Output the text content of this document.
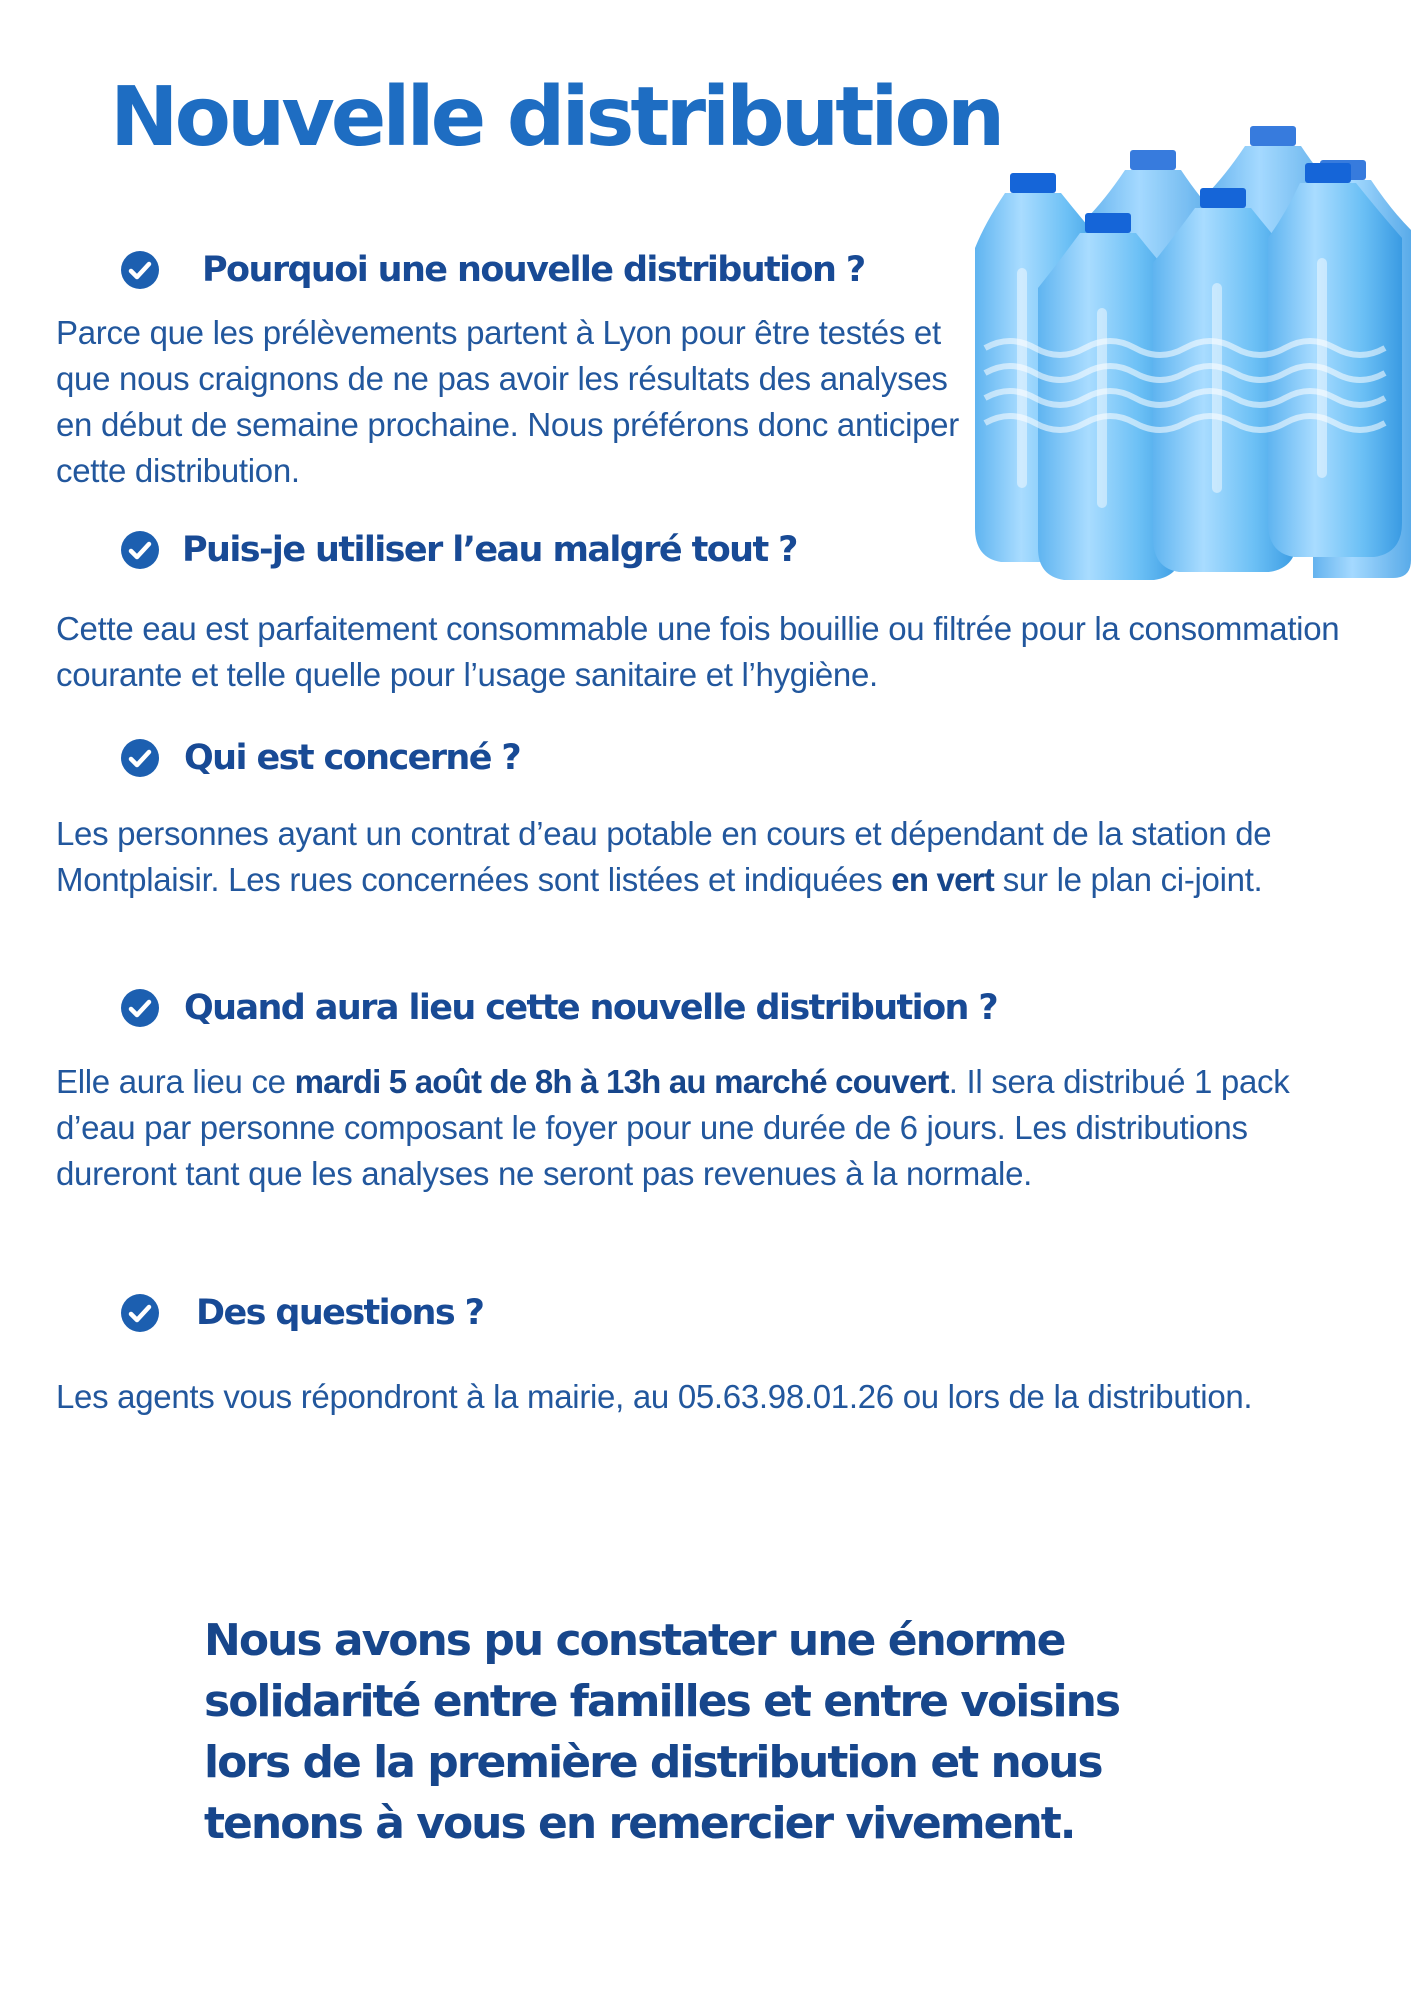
Nouvelle distribution
Pourquoi une nouvelle distribution ?

Parce que les prélèvements partent à Lyon pour être testés et que nous craignons de ne pas avoir les résultats des analyses en début de semaine prochaine. Nous préférons donc anticiper cette distribution.

Puis-je utiliser l’eau malgré tout ?

Cette eau est parfaitement consommable une fois bouillie ou filtrée pour la consommation courante et telle quelle pour l’usage sanitaire et l’hygiène.

Qui est concerné ?

Les personnes ayant un contrat d’eau potable en cours et dépendant de la station de Montplaisir. Les rues concernées sont listées et indiquées en vert sur le plan ci-joint.

Quand aura lieu cette nouvelle distribution ?

Elle aura lieu ce mardi 5 août de 8h à 13h au marché couvert. Il sera distribué 1 pack d’eau par personne composant le foyer pour une durée de 6 jours. Les distributions dureront tant que les analyses ne seront pas revenues à la normale.

Des questions ?

Les agents vous répondront à la mairie, au 05.63.98.01.26 ou lors de la distribution.

Nous avons pu constater une énorme solidarité entre familles et entre voisins lors de la première distribution et nous tenons à vous en remercier vivement.
